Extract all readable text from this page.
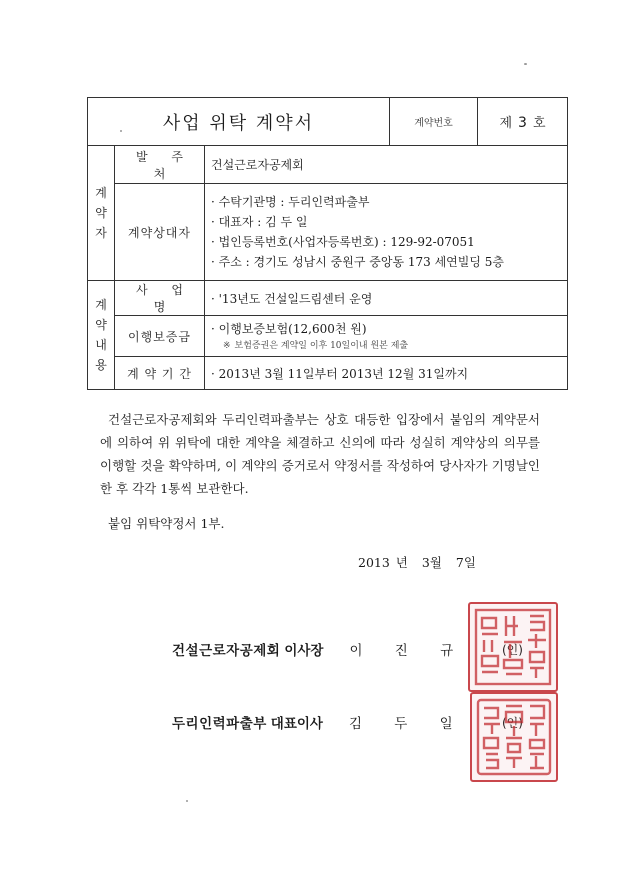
사업 위탁 계약서			계약번호	제 3 호

계
약
자	발 주 처	건설근로자공제회		
	계약상대자	· 수탁기관명 : 두리인력파출부
· 대표자 : 김 두 일
· 법인등록번호(사업자등록번호) : 129-92-07051
· 주소 : 경기도 성남시 중원구 중앙동 173 세연빌딩 5층		

계
약
내
용	사 업 명	· '13년도 건설일드림센터 운영		
	이행보증금	· 이행보증보험(12,600천 원)
※ 보험증권은 계약일 이후 10일이내 원본 제출		

	계 약 기 간	· 2013년 3월 11일부터 2013년 12월 31일까지		
건설근로자공제회와 두리인력파출부는 상호 대등한 입장에서 붙임의 계약문서에 의하여 위 위탁에 대한 계약을 체결하고 신의에 따라 성실히 계약상의 의무를 이행할 것을 확약하며, 이 계약의 증거로서 약정서를 작성하여 당사자가 기명날인한 후 각각 1통씩 보관한다.
붙임 위탁약정서 1부.
2013 년 3월 7일
건설근로자공제회 이사장 이 진 규	(인)
두리인력파출부 대표이사 김 두 일	(인)
